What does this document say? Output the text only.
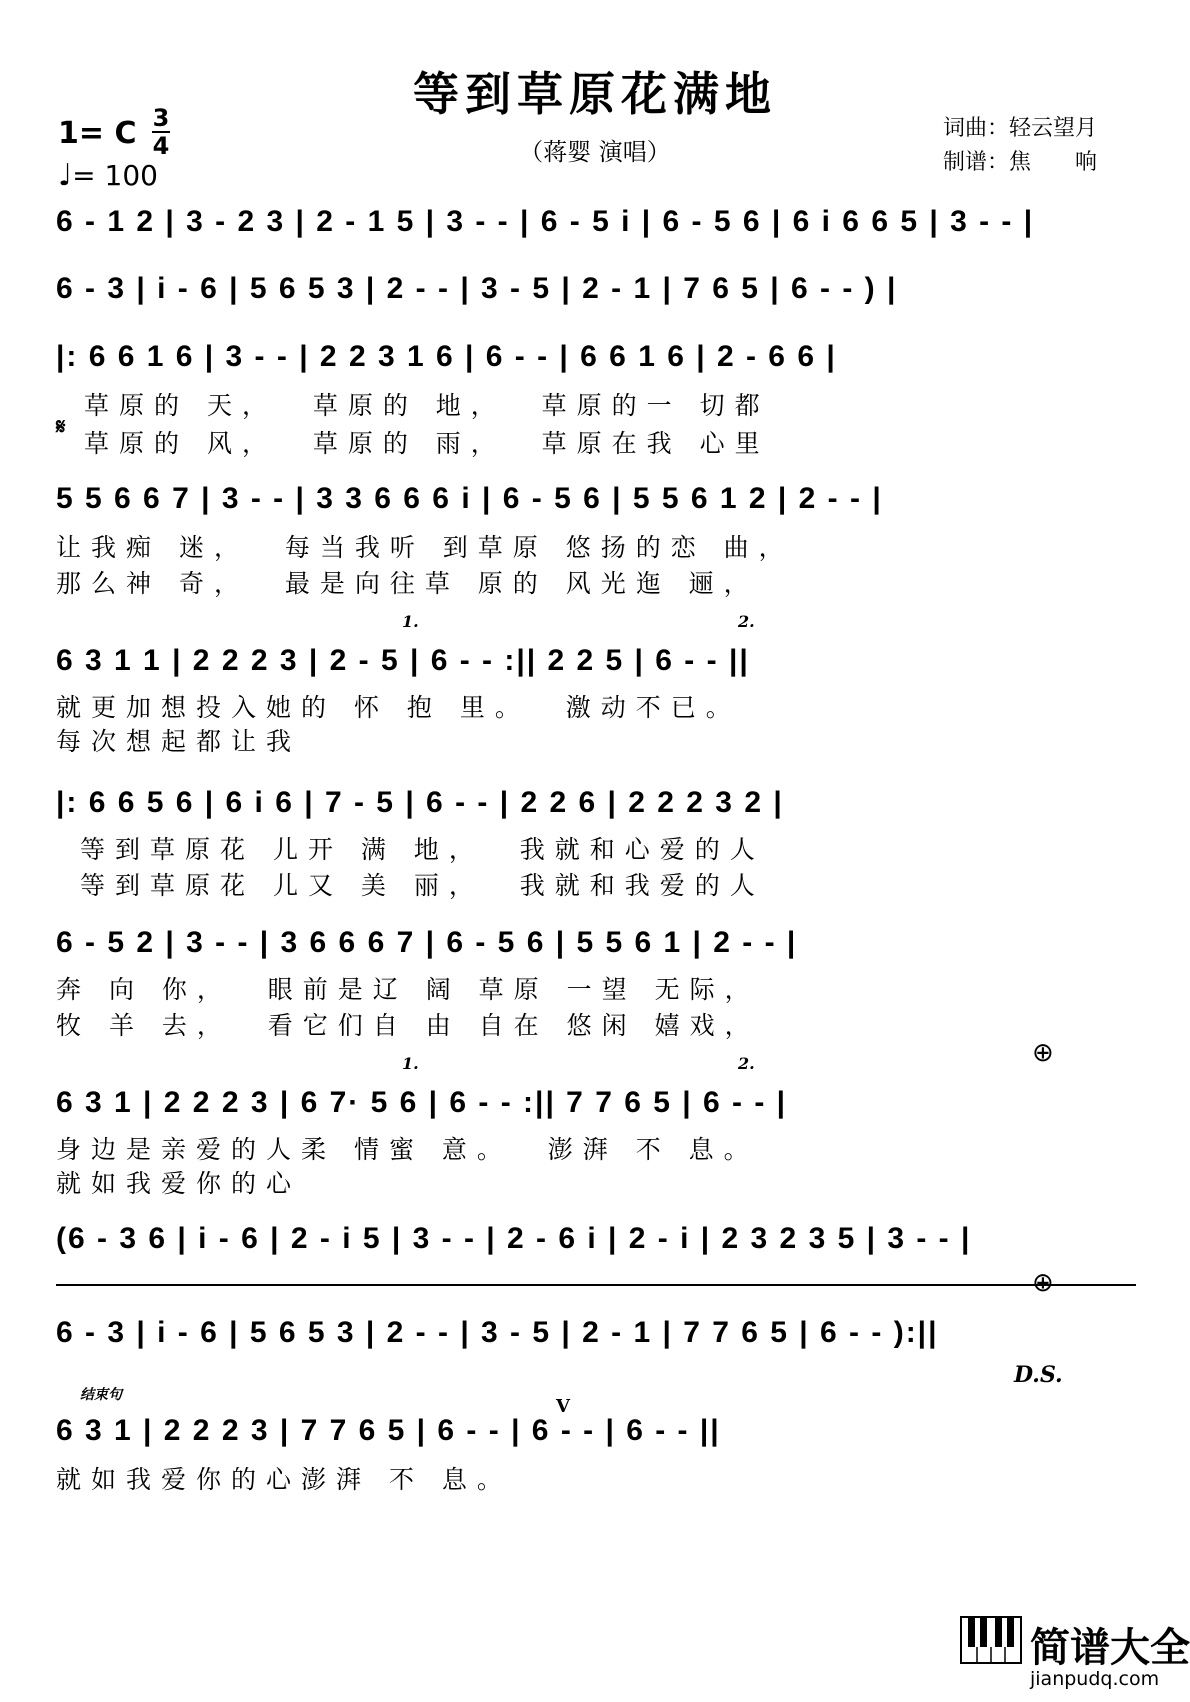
等到草原花满地
（蒋婴 演唱）
1= C 3
4
♩= 100
词曲：轻云望月
制谱：焦　　响
6 - 1 2 | 3 - 2 3 | 2 - 1 5 | 3 - - | 6 - 5 i | 6 - 5 6 | 6 i 6 6 5 | 3 - - |
6 - 3 | i - 6 | 5 6 5 3 | 2 - - | 3 - 5 | 2 - 1 | 7 6 5 | 6 - - ) |
|: 6 6 1 6 | 3 - - | 2 2 3 1 6 | 6 - - | 6 6 1 6 | 2 - 6 6 |
𝄋
草原的 天，  草原的 地，  草原的一 切都
草原的 风，  草原的 雨，  草原在我 心里
5 5 6 6 7 | 3 - - | 3 3 6 6 6 i | 6 - 5 6 | 5 5 6 1 2 | 2 - - |
让我痴 迷，  每当我听 到草原 悠扬的恋 曲，
那么神 奇，  最是向往草 原的 风光迤 逦，
1.	2.
6 3 1 1 | 2 2 2 3 | 2 - 5 | 6 - - :|| 2 2 5 | 6 - - ||
就更加想投入她的 怀 抱 里。  激动不已。
每次想起都让我
|: 6 6 5 6 | 6 i 6 | 7 - 5 | 6 - - | 2 2 6 | 2 2 2 3 2 |
等到草原花 儿开 满 地，  我就和心爱的人
等到草原花 儿又 美 丽，  我就和我爱的人
6 - 5 2 | 3 - - | 3 6 6 6 7 | 6 - 5 6 | 5 5 6 1 | 2 - - |
奔 向 你，  眼前是辽 阔 草原 一望 无际，
牧 羊 去，  看它们自 由 自在 悠闲 嬉戏，
1.	2.	⊕
6 3 1 | 2 2 2 3 | 6 7· 5 6 | 6 - - :|| 7 7 6 5 | 6 - - |
身边是亲爱的人柔 情蜜 意。  澎湃 不 息。
就如我爱你的心
(6 - 3 6 | i - 6 | 2 - i 5 | 3 - - | 2 - 6 i | 2 - i | 2 3 2 3 5 | 3 - - |
⊕
6 - 3 | i - 6 | 5 6 5 3 | 2 - - | 3 - 5 | 2 - 1 | 7 7 6 5 | 6 - - ):||
D.S.
结束句
V
6 3 1 | 2 2 2 3 | 7 7 6 5 | 6 - - | 6 - - | 6 - - ||
就如我爱你的心澎湃 不 息。
简谱大全
jianpudq.com
